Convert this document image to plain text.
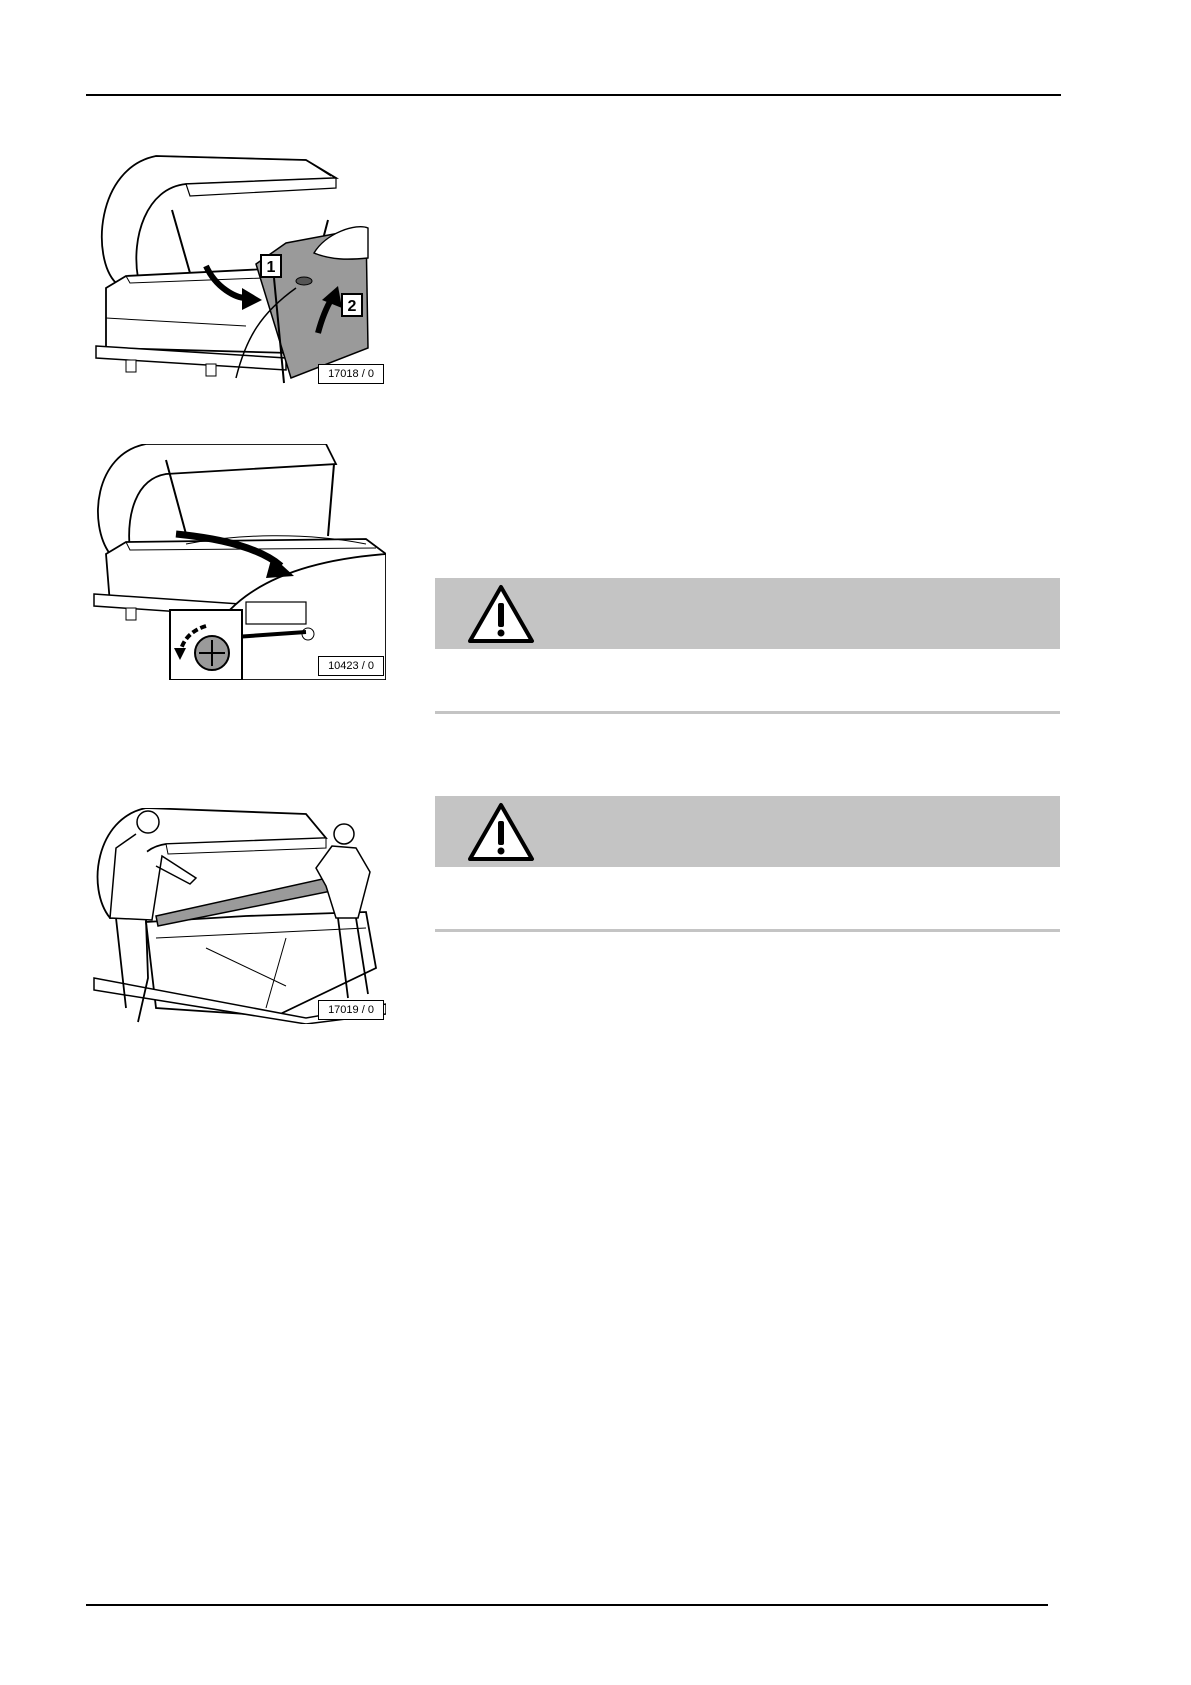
1
2
17018 / 0
10423 / 0
17019 / 0
